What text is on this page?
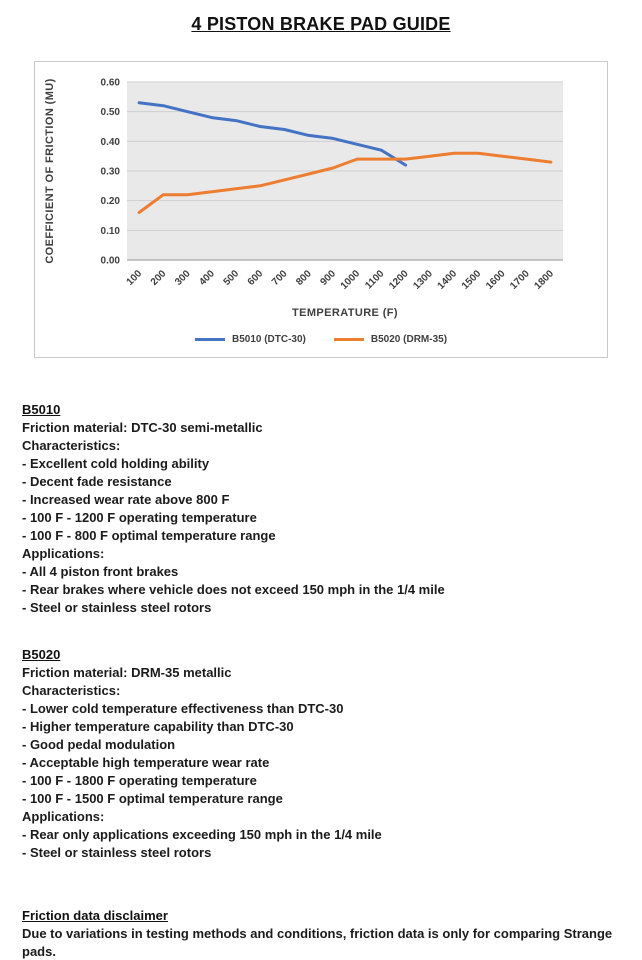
4 PISTON BRAKE PAD GUIDE
0.00
0.10
0.20
0.30
0.40
0.50
0.60
100 200 300 400 500 600 700 800 900 1000 1100 1200 1300 1400 1500 1600 1700 1800
COEFFICIENT OF FRICTION (MU)
TEMPERATURE (F)
B5010 (DTC-30)	B5020 (DRM-35)
B5010
Friction material: DTC-30 semi-metallic
Characteristics:
- Excellent cold holding ability
- Decent fade resistance
- Increased wear rate above 800 F
- 100 F - 1200 F operating temperature
- 100 F - 800 F optimal temperature range
Applications:
- All 4 piston front brakes
- Rear brakes where vehicle does not exceed 150 mph in the 1/4 mile
- Steel or stainless steel rotors
B5020
Friction material: DRM-35 metallic
Characteristics:
- Lower cold temperature effectiveness than DTC-30
- Higher temperature capability than DTC-30
- Good pedal modulation
- Acceptable high temperature wear rate
- 100 F - 1800 F operating temperature
- 100 F - 1500 F optimal temperature range
Applications:
- Rear only applications exceeding 150 mph in the 1/4 mile
- Steel or stainless steel rotors
Friction data disclaimer
Due to variations in testing methods and conditions, friction data is only for comparing Strange pads.
